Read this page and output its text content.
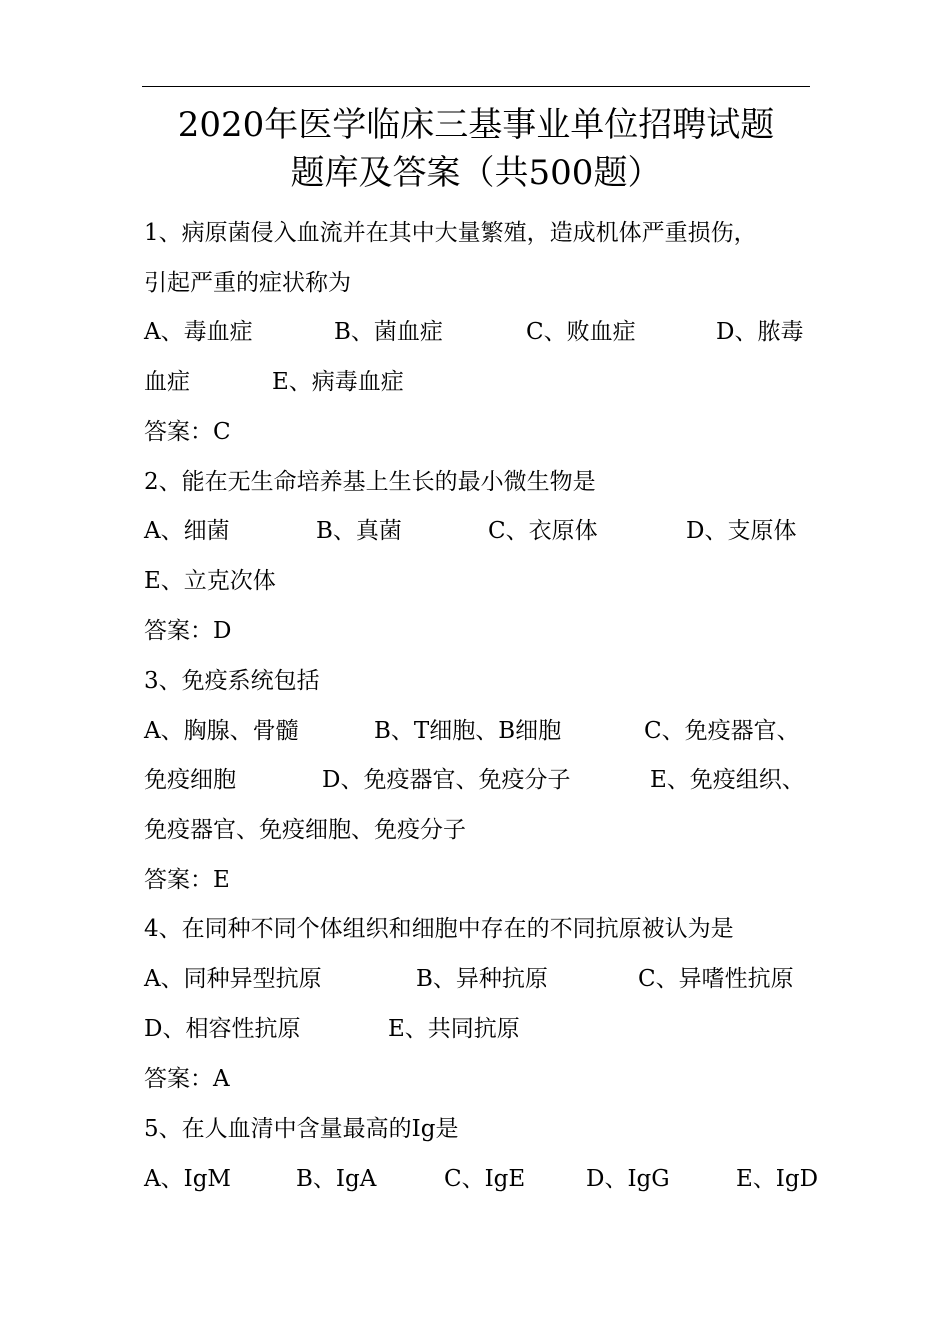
2020年医学临床三基事业单位招聘试题
题库及答案（共500题）
1、病原菌侵入血流并在其中大量繁殖，造成机体严重损伤，
引起严重的症状称为
A、毒血症	B、菌血症	C、败血症	D、脓毒
血症	E、病毒血症
答案：C
2、能在无生命培养基上生长的最小微生物是
A、细菌	B、真菌	C、衣原体	D、支原体
E、立克次体
答案：D
3、免疫系统包括
A、胸腺、骨髓	B、T细胞、B细胞	C、免疫器官、
免疫细胞	D、免疫器官、免疫分子	E、免疫组织、
免疫器官、免疫细胞、免疫分子
答案：E
4、在同种不同个体组织和细胞中存在的不同抗原被认为是
A、同种异型抗原	B、异种抗原	C、异嗜性抗原
D、相容性抗原	E、共同抗原
答案：A
5、在人血清中含量最高的Ig是
A、IgM	B、IgA	C、IgE	D、IgG	E、IgD
